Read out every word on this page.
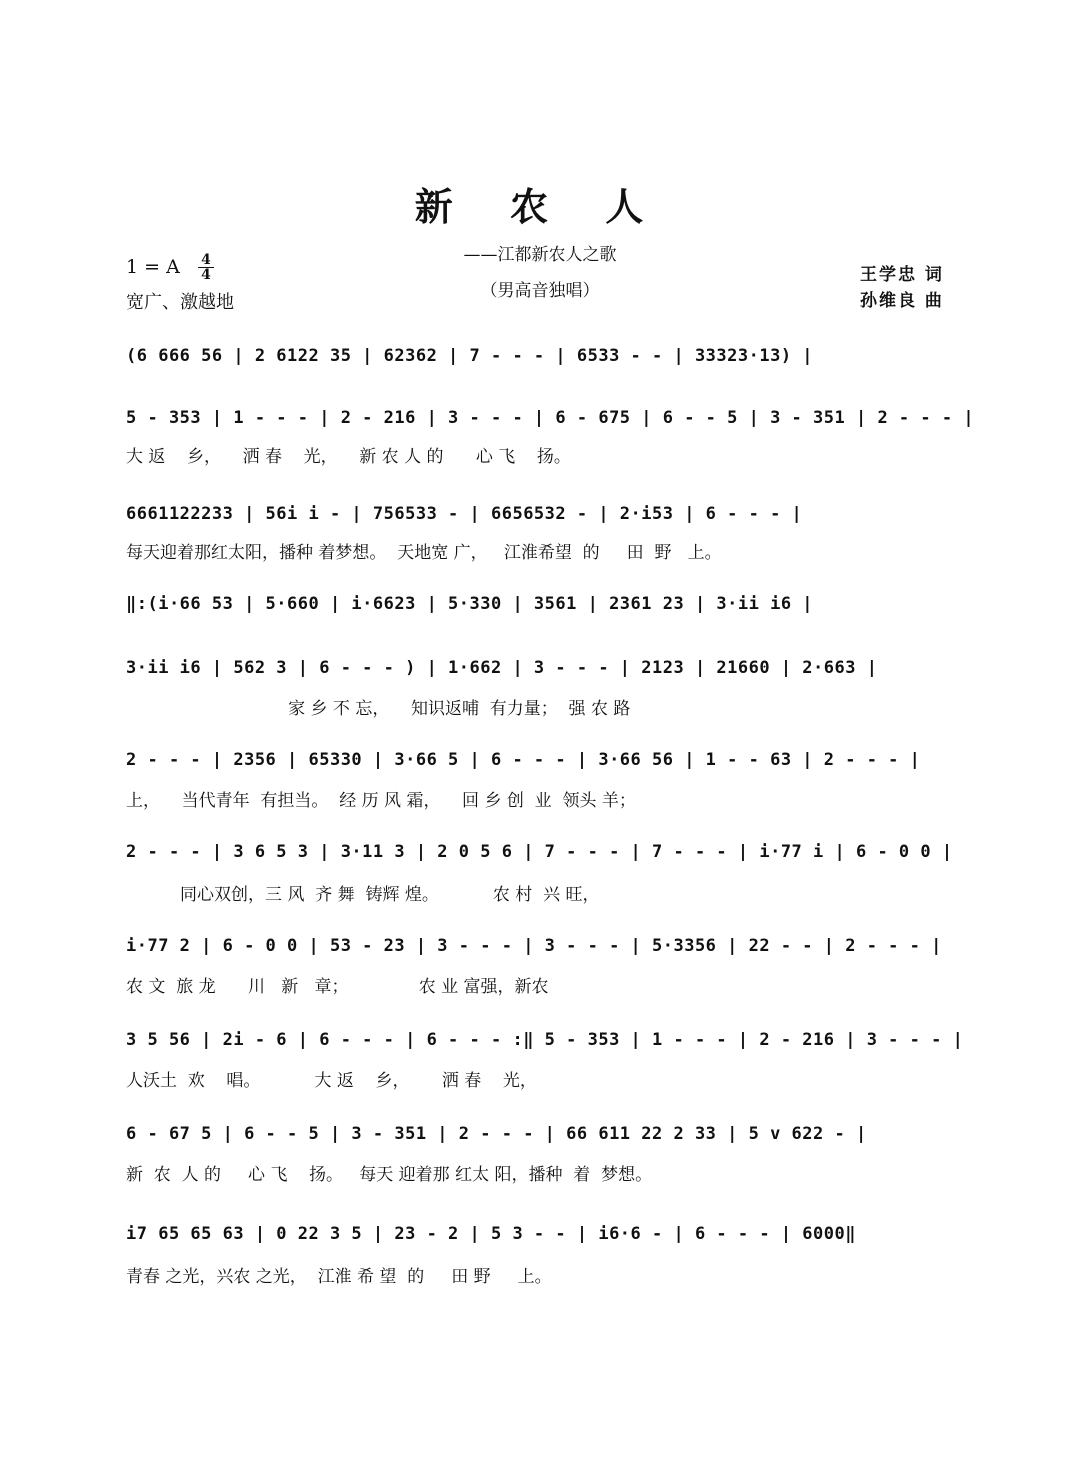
新 农 人
——江都新农人之歌
（男高音独唱）
1 = A 4
4
宽广、激越地
王学忠 词
孙维良 曲
(6 666 56 | 2 6122 35 | 62362 | 7 - - - | 6533 - - | 33323·13) |
5 - 353 | 1 - - - | 2 - 216 | 3 - - - | 6 - 675 | 6 - - 5 | 3 - 351 | 2 - - - |
大 返    乡，    洒 春    光，    新 农 人 的      心 飞    扬。
6661122233 | 56i i - | 756533 - | 6656532 - | 2·i53 | 6 - - - |
每天迎着那红太阳，播种 着梦想。  天地宽 广，   江淮希望  的     田  野   上。
‖:(i·66 53 | 5·660 | i·6623 | 5·330 | 3561 | 2361 23 | 3·ii i6 |
3·ii i6 | 562 3 | 6 - - - ) | 1·662 | 3 - - - | 2123 | 21660 | 2·663 |
家 乡 不 忘，    知识返哺  有力量；  强 农 路
2 - - - | 2356 | 65330 | 3·66 5 | 6 - - - | 3·66 56 | 1 - - 63 | 2 - - - |
上，    当代青年  有担当。  经 历 风 霜，    回 乡 创  业  领头 羊；
2 - - - | 3 6 5 3 | 3·11 3 | 2 0 5 6 | 7 - - - | 7 - - - | i·77 i | 6 - 0 0 |
同心双创，三 风  齐 舞  铸辉 煌。          农 村  兴 旺，
i·77 2 | 6 - 0 0 | 53 - 23 | 3 - - - | 3 - - - | 5·3356 | 22 - - | 2 - - - |
农 文  旅 龙      川   新   章；             农 业 富强，新农
3 5 56 | 2i - 6 | 6 - - - | 6 - - - :‖ 5 - 353 | 1 - - - | 2 - 216 | 3 - - - |
人沃土  欢    唱。          大 返    乡，      洒 春    光，
6 - 67 5 | 6 - - 5 | 3 - 351 | 2 - - - | 66 611 22 2 33 | 5 v 622 - |
新  农  人 的     心 飞    扬。   每天 迎着那 红太 阳，播种  着  梦想。
i7 65 65 63 | 0 22 3 5 | 23 - 2 | 5 3 - - | i6·6 - | 6 - - - | 6000‖
青春 之光，兴农 之光，  江淮 希 望  的     田 野     上。
